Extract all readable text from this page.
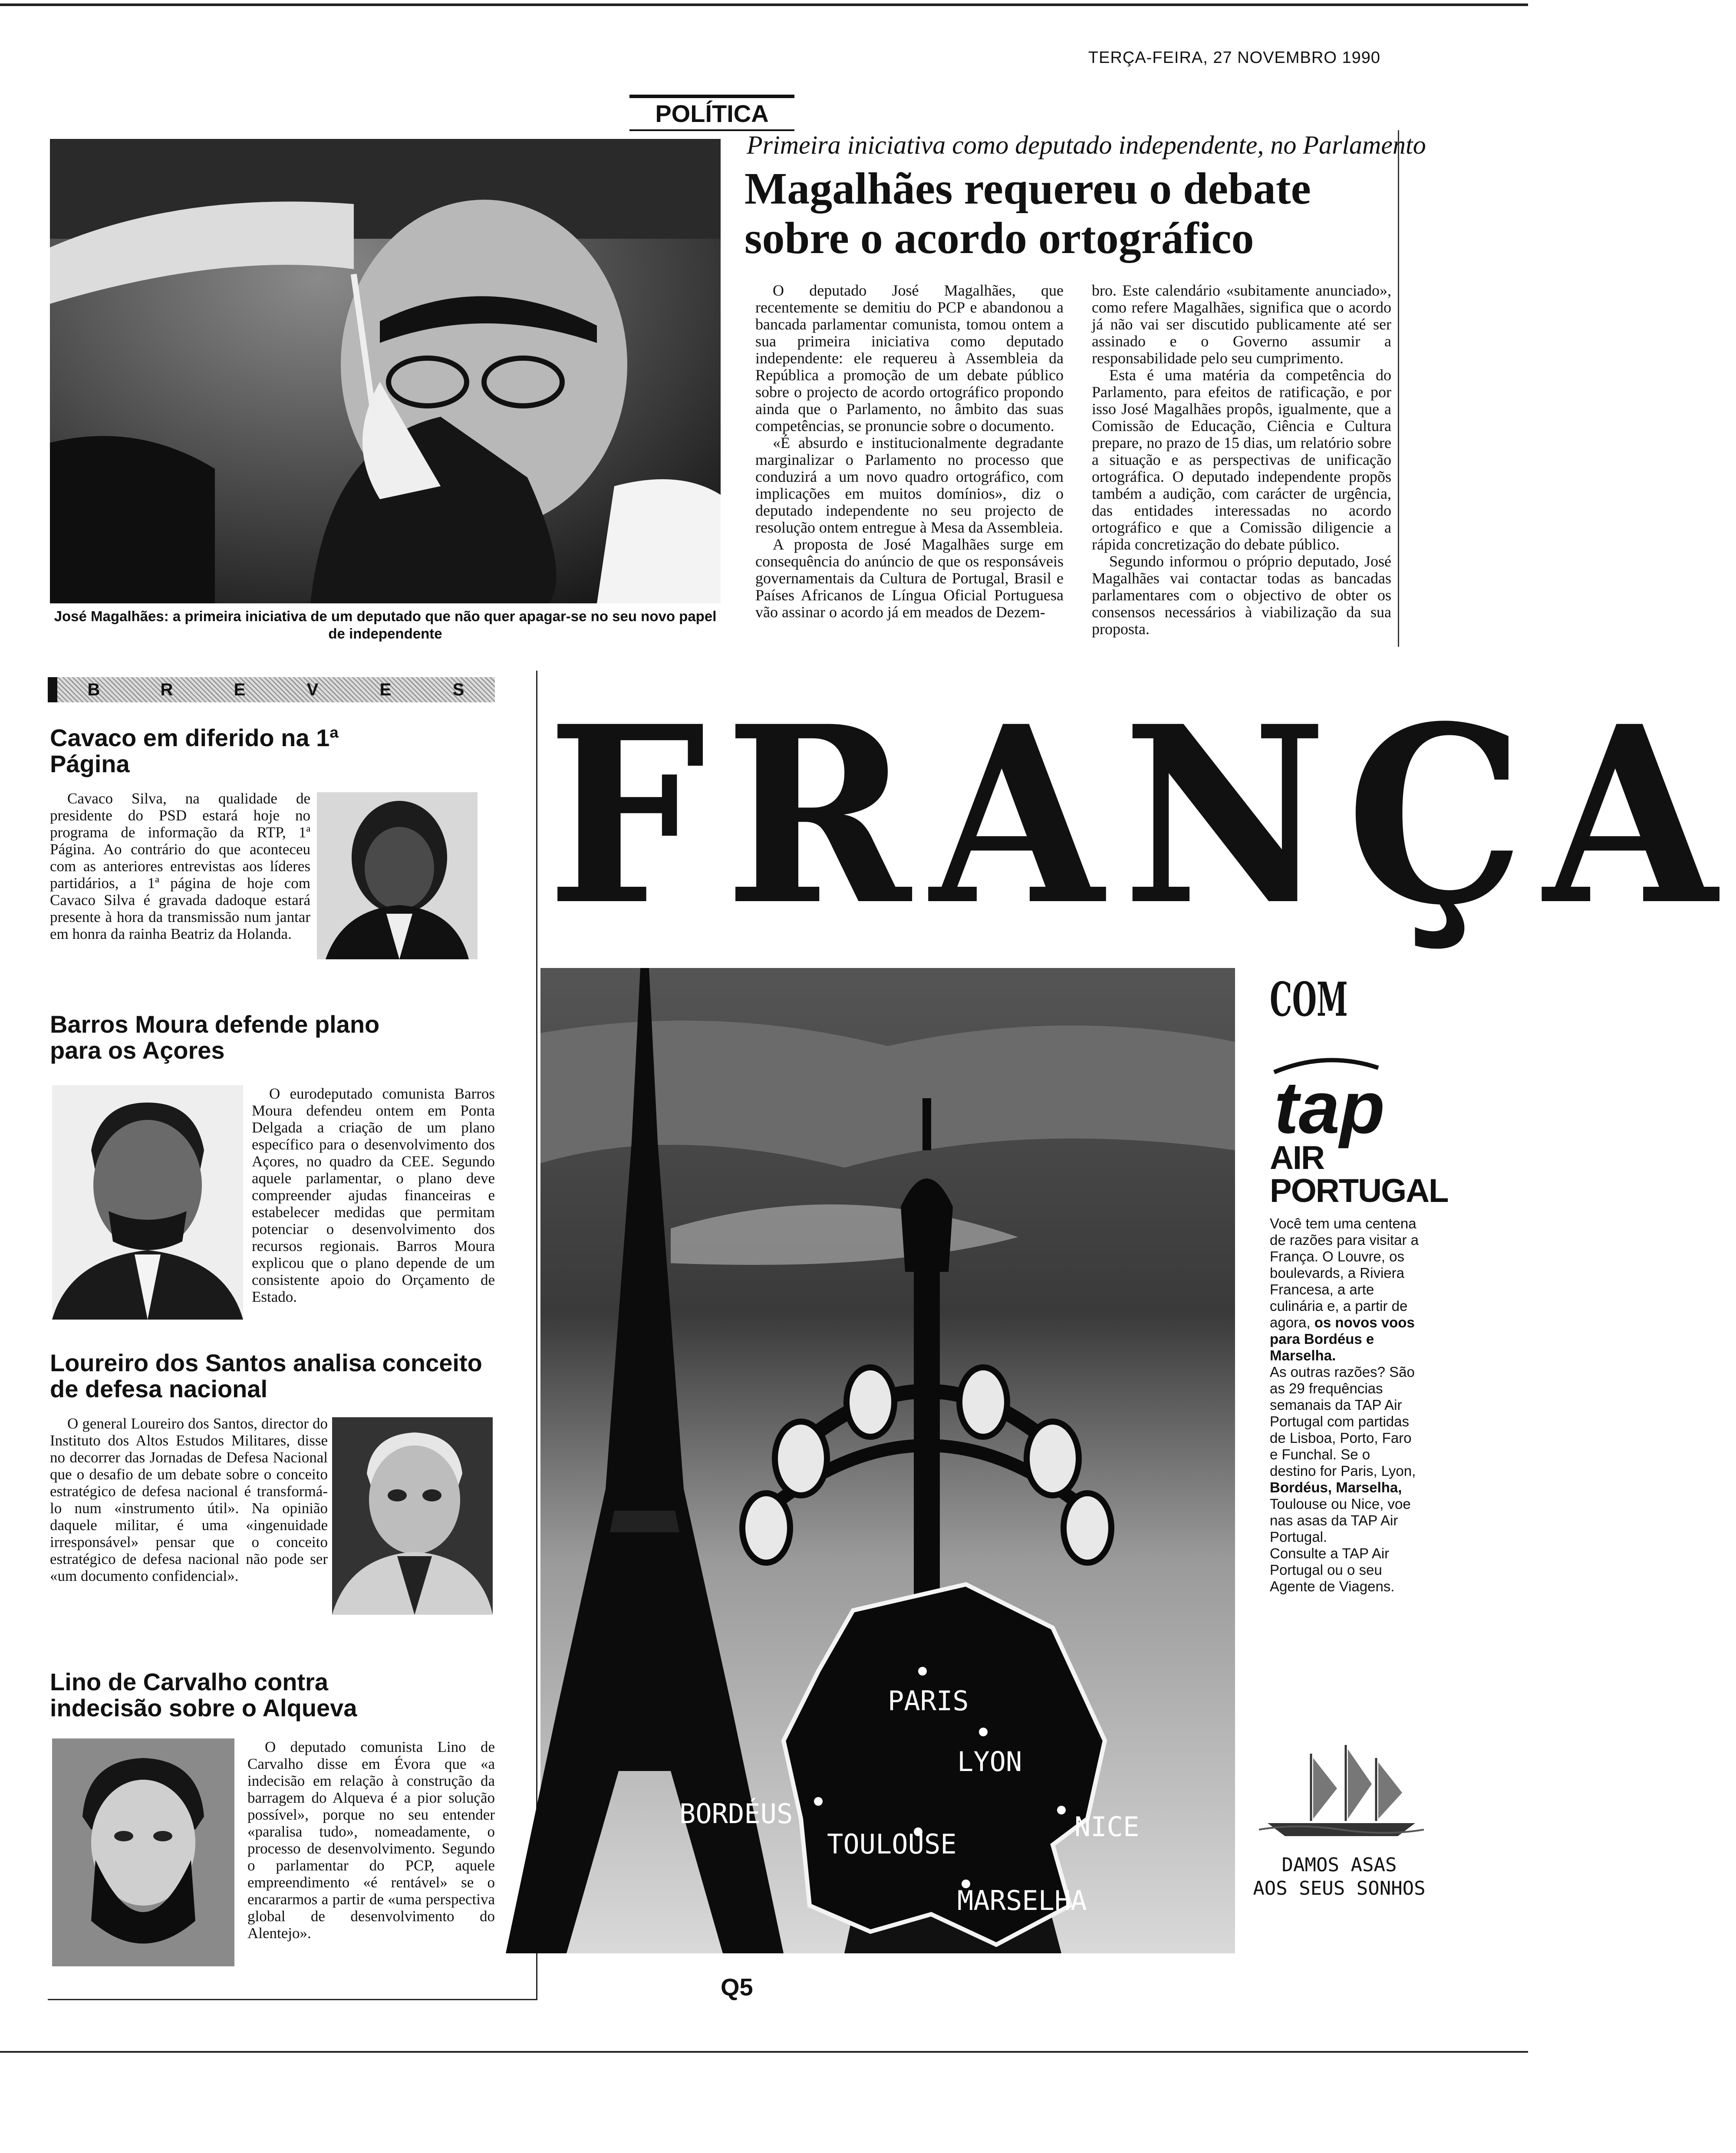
TERÇA-FEIRA, 27 NOVEMBRO 1990
POLÍTICA
José Magalhães: a primeira iniciativa de um deputado que não quer apagar-se no seu novo papel de independente
Primeira iniciativa como deputado independente, no Parlamento
Magalhães requereu o debate sobre o acordo ortográfico

O deputado José Magalhães, que recentemente se demitiu do PCP e abandonou a bancada parlamentar comunista, tomou ontem a sua primeira iniciativa como deputado independente: ele requereu à Assembleia da República a promoção de um debate público sobre o projecto de acordo ortográfico propondo ainda que o Parlamento, no âmbito das suas competências, se pronuncie sobre o documento.

«É absurdo e institucionalmente degradante marginalizar o Parlamento no processo que conduzirá a um novo quadro ortográfico, com implicações em muitos domínios», diz o deputado independente no seu projecto de resolução ontem entregue à Mesa da Assembleia.

A proposta de José Magalhães surge em consequência do anúncio de que os responsáveis governamentais da Cultura de Portugal, Brasil e Países Africanos de Língua Oficial Portuguesa vão assinar o acordo já em meados de Dezem-

bro. Este calendário «subitamente anunciado», como refere Magalhães, significa que o acordo já não vai ser discutido publicamente até ser assinado e o Governo assumir a responsabilidade pelo seu cumprimento.

Esta é uma matéria da competência do Parlamento, para efeitos de ratificação, e por isso José Magalhães propôs, igualmente, que a Comissão de Educação, Ciência e Cultura prepare, no prazo de 15 dias, um relatório sobre a situação e as perspectivas de unificação ortográfica. O deputado independente propõs também a audição, com carácter de urgência, das entidades interessadas no acordo ortográfico e que a Comissão diligencie a rápida concretização do debate público.

Segundo informou o próprio deputado, José Magalhães vai contactar todas as bancadas parlamentares com o objectivo de obter os consensos necessários à viabilização da sua proposta.

B	R	E	V	E	S
Cavaco em diferido na 1ª Página

Cavaco Silva, na qualidade de presidente do PSD estará hoje no programa de informação da RTP, 1ª Página. Ao contrário do que aconteceu com as anteriores entrevistas aos líderes partidários, a 1ª página de hoje com Cavaco Silva é gravada dadoque estará presente à hora da transmissão num jantar em honra da rainha Beatriz da Holanda.

Barros Moura defende plano para os Açores

O eurodeputado comunista Barros Moura defendeu ontem em Ponta Delgada a criação de um plano específico para o desenvolvimento dos Açores, no quadro da CEE. Segundo aquele parlamentar, o plano deve compreender ajudas financeiras e estabelecer medidas que permitam potenciar o desenvolvimento dos recursos regionais. Barros Moura explicou que o plano depende de um consistente apoio do Orçamento de Estado.

Loureiro dos Santos analisa conceito de defesa nacional

O general Loureiro dos Santos, director do Instituto dos Altos Estudos Militares, disse no decorrer das Jornadas de Defesa Nacional que o desafio de um debate sobre o conceito estratégico de defesa nacional é transformá-lo num «instrumento útil». Na opinião daquele militar, é uma «ingenuidade irresponsável» pensar que o conceito estratégico de defesa nacional não pode ser «um documento confidencial».

Lino de Carvalho contra indecisão sobre o Alqueva

O deputado comunista Lino de Carvalho disse em Évora que «a indecisão em relação à construção da barragem do Alqueva é a pior solução possível», porque no seu entender «paralisa tudo», nomeadamente, o processo de desenvolvimento. Segundo o parlamentar do PCP, aquele empreendimento «é rentável» se o encararmos a partir de «uma perspectiva global de desenvolvimento do Alentejo».

FRANÇA
PARIS
LYON
BORDÉUS
TOULOUSE
NICE
MARSELHA
COM
tap
AIR
PORTUGAL
Você tem uma centena de razões para visitar a França. O Louvre, os boulevards, a Riviera Francesa, a arte culinária e, a partir de agora, os novos voos para Bordéus e Marselha.
As outras razões? São as 29 frequências semanais da TAP Air Portugal com partidas de Lisboa, Porto, Faro e Funchal. Se o destino for Paris, Lyon, Bordéus, Marselha, Toulouse ou Nice, voe nas asas da TAP Air Portugal.
Consulte a TAP Air Portugal ou o seu Agente de Viagens.
DAMOS ASAS
AOS SEUS SONHOS
Q5
